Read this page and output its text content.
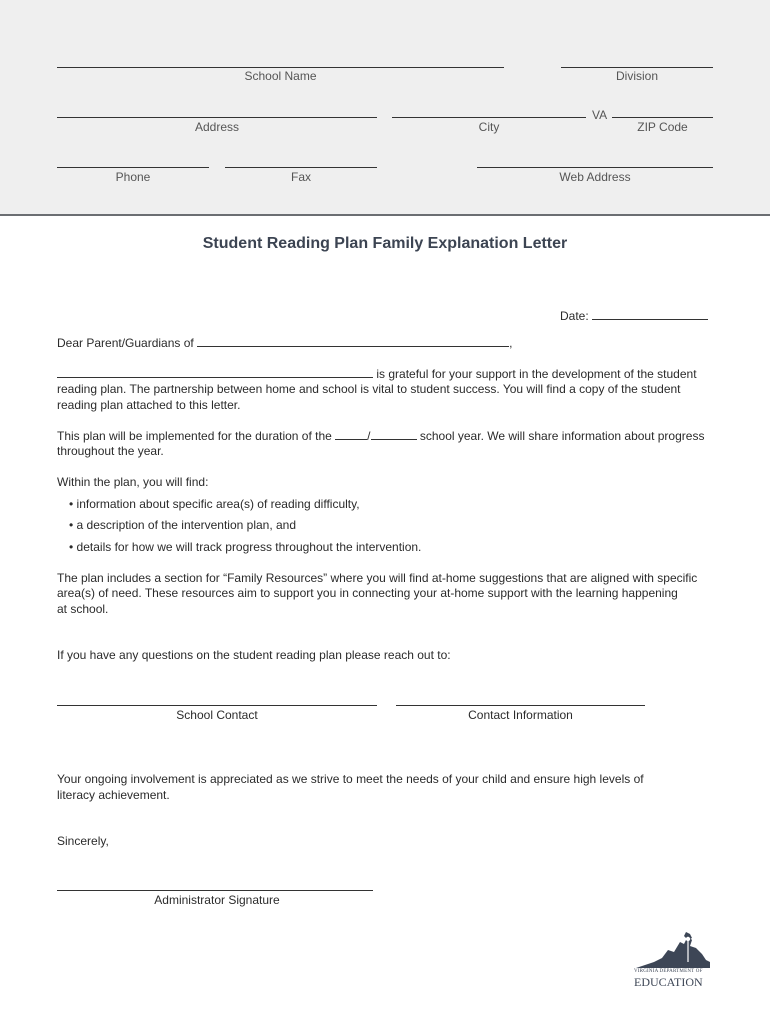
School Name	Division
Address	City
VA
ZIP Code
Phone	Fax	Web Address
Student Reading Plan Family Explanation Letter
Date:
Dear Parent/Guardians of	,
is grateful for your support in the development of the student
reading plan. The partnership between home and school is vital to student success. You will find a copy of the student
reading plan attached to this letter.
This plan will be implemented for the duration of the	/	school year. We will share information about progress
throughout the year.
Within the plan, you will find:
• information about specific area(s) of reading difficulty,
• a description of the intervention plan, and
• details for how we will track progress throughout the intervention.
The plan includes a section for “Family Resources” where you will find at-home suggestions that are aligned with specific
area(s) of need. These resources aim to support you in connecting your at-home support with the learning happening
at school.
If you have any questions on the student reading plan please reach out to:
School Contact	Contact Information
Your ongoing involvement is appreciated as we strive to meet the needs of your child and ensure high levels of
literacy achievement.
Sincerely,
Administrator Signature
VIRGINIA DEPARTMENT OF
EDUCATION
